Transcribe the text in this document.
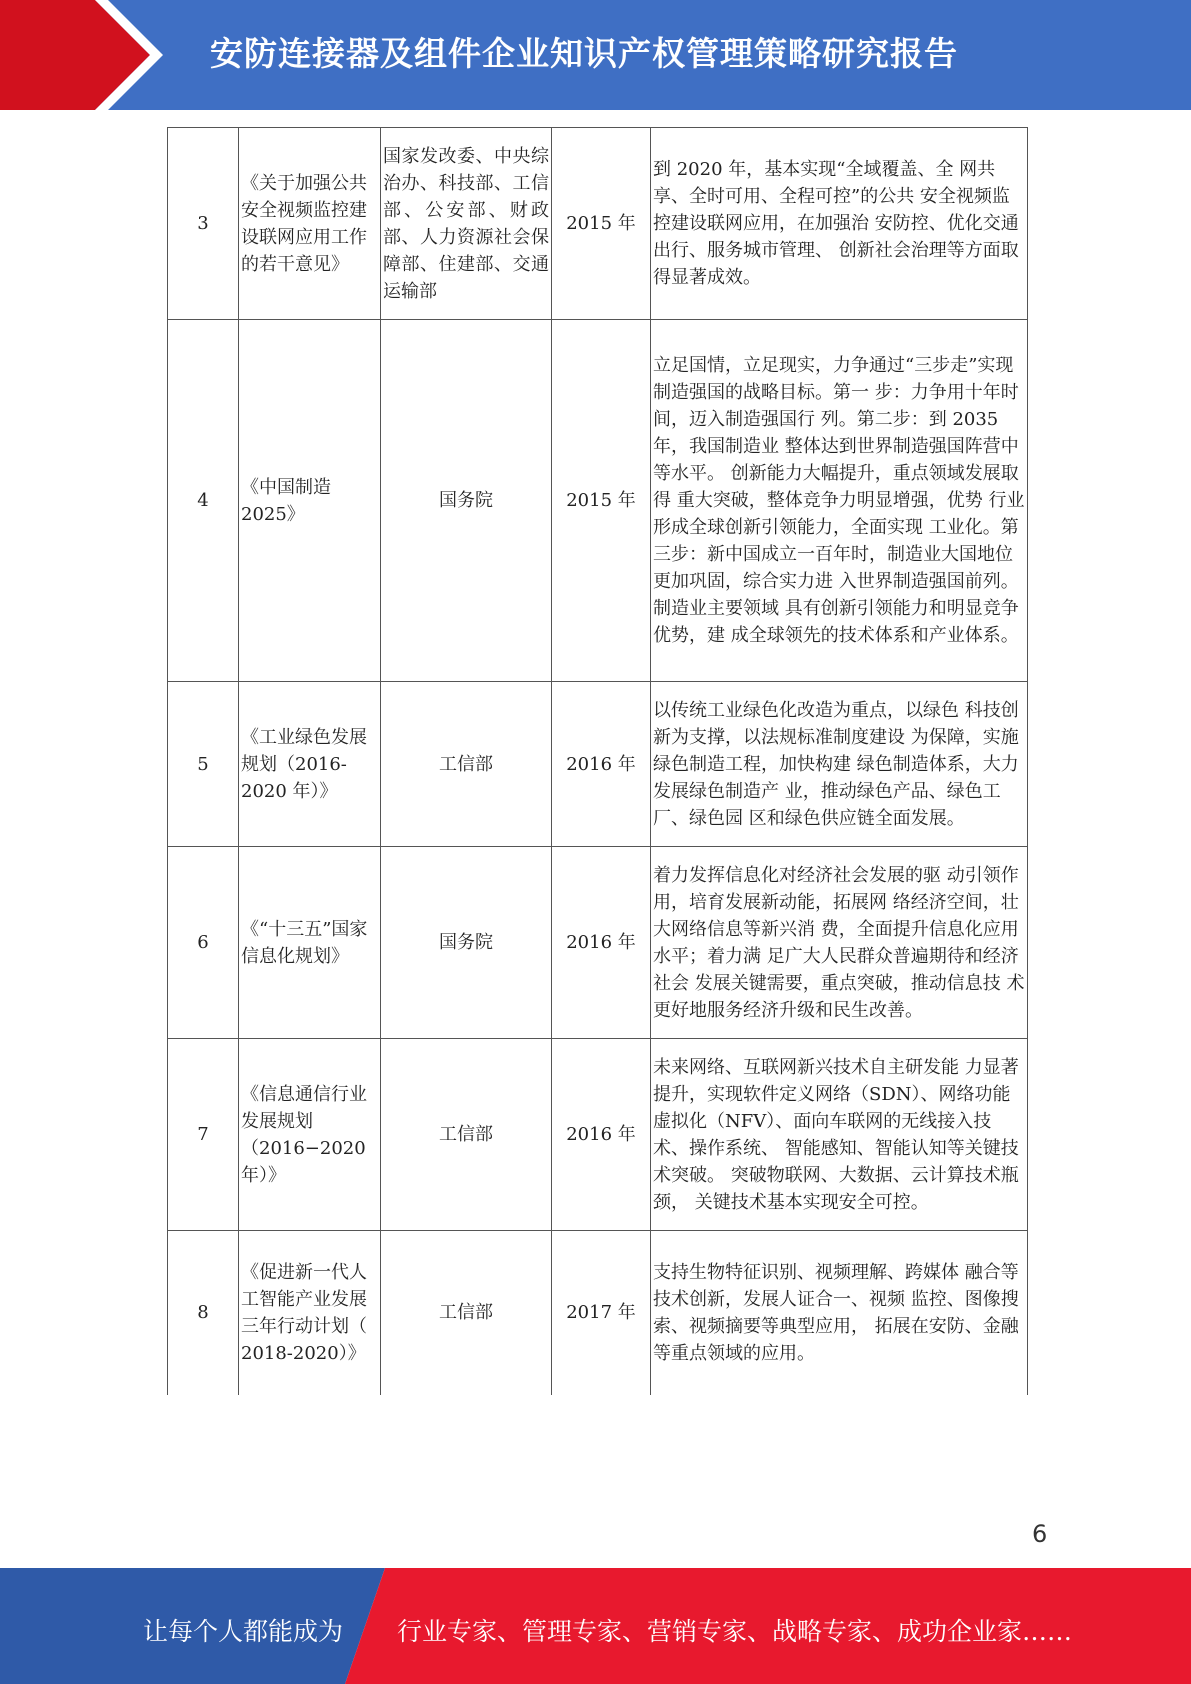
安防连接器及组件企业知识产权管理策略研究报告
3	《关于加强公共安全视频监控建设联网应用工作的若干意见》	国家发改委、中央综治办、科技部、工信部、公安部、财政部、人力资源社会保障部、住建部、交通运输部	2015 年	到 2020 年，基本实现“全域覆盖、全 网共享、全时可用、全程可控”的公共 安全视频监控建设联网应用，在加强治 安防控、优化交通出行、服务城市管理、 创新社会治理等方面取得显著成效。
4	《中国制造 2025》	国务院	2015 年	立足国情，立足现实，力争通过“三步走”实现制造强国的战略目标。第一 步：力争用十年时间，迈入制造强国行 列。第二步：到 2035 年，我国制造业 整体达到世界制造强国阵营中等水平。 创新能力大幅提升，重点领域发展取得 重大突破，整体竞争力明显增强，优势 行业形成全球创新引领能力，全面实现 工业化。第三步：新中国成立一百年时，制造业大国地位更加巩固，综合实力进 入世界制造强国前列。制造业主要领域 具有创新引领能力和明显竞争优势，建 成全球领先的技术体系和产业体系。
5	《工业绿色发展规划（2016-2020 年）》	工信部	2016 年	以传统工业绿色化改造为重点，以绿色 科技创新为支撑，以法规标准制度建设 为保障，实施绿色制造工程，加快构建 绿色制造体系，大力发展绿色制造产 业，推动绿色产品、绿色工厂、绿色园 区和绿色供应链全面发展。
6	《“十三五”国家信息化规划》	国务院	2016 年	着力发挥信息化对经济社会发展的驱 动引领作用，培育发展新动能，拓展网 络经济空间，壮大网络信息等新兴消 费，全面提升信息化应用水平；着力满 足广大人民群众普遍期待和经济社会 发展关键需要，重点突破，推动信息技 术更好地服务经济升级和民生改善。
7	《信息通信行业发展规划（2016−2020 年）》	工信部	2016 年	未来网络、互联网新兴技术自主研发能 力显著提升，实现软件定义网络（SDN）、网络功能虚拟化（NFV）、面向车联网的无线接入技术、操作系统、 智能感知、智能认知等关键技术突破。 突破物联网、大数据、云计算技术瓶颈， 关键技术基本实现安全可控。
8	《促进新一代人工智能产业发展三年行动计划（ 2018-2020）》	工信部	2017 年	支持生物特征识别、视频理解、跨媒体 融合等技术创新，发展人证合一、视频 监控、图像搜索、视频摘要等典型应用， 拓展在安防、金融等重点领域的应用。
6
让每个人都能成为 行业专家、管理专家、营销专家、战略专家、成功企业家……
